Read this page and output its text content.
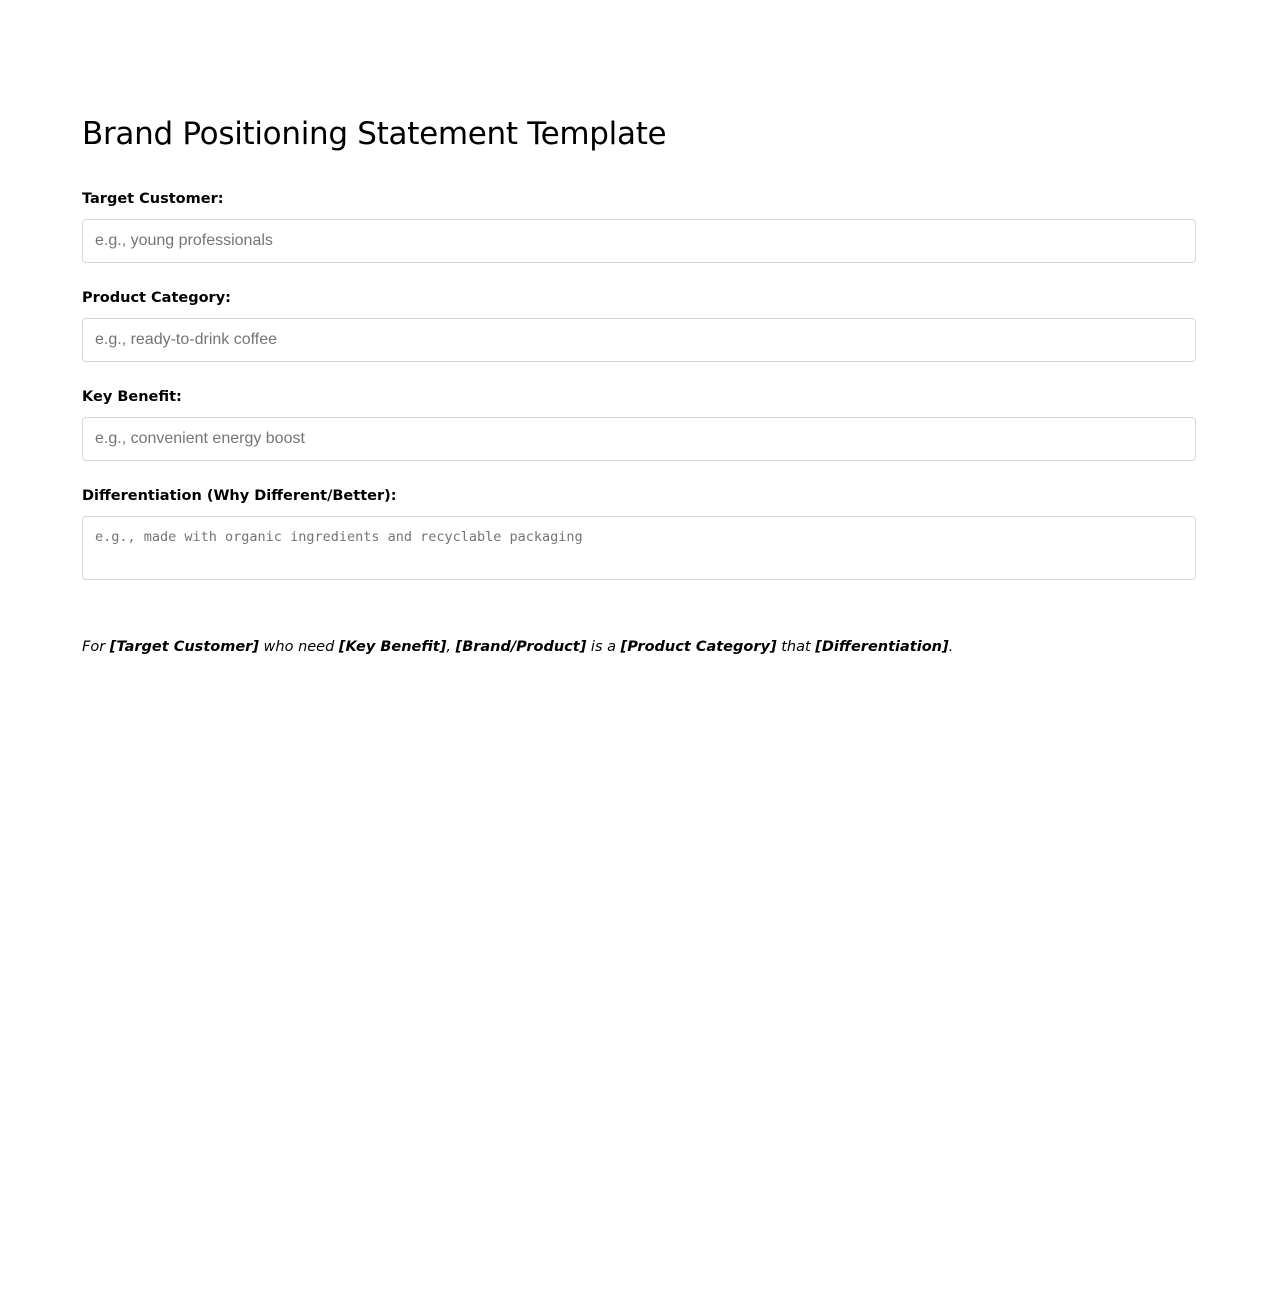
Brand Positioning Statement Template
Target Customer:
e.g., young professionals
Product Category:
e.g., ready-to-drink coffee
Key Benefit:
e.g., convenient energy boost
Differentiation (Why Different/Better):
e.g., made with organic ingredients and recyclable packaging

For [Target Customer] who need [Key Benefit], [Brand/Product] is a [Product Category] that [Differentiation].
